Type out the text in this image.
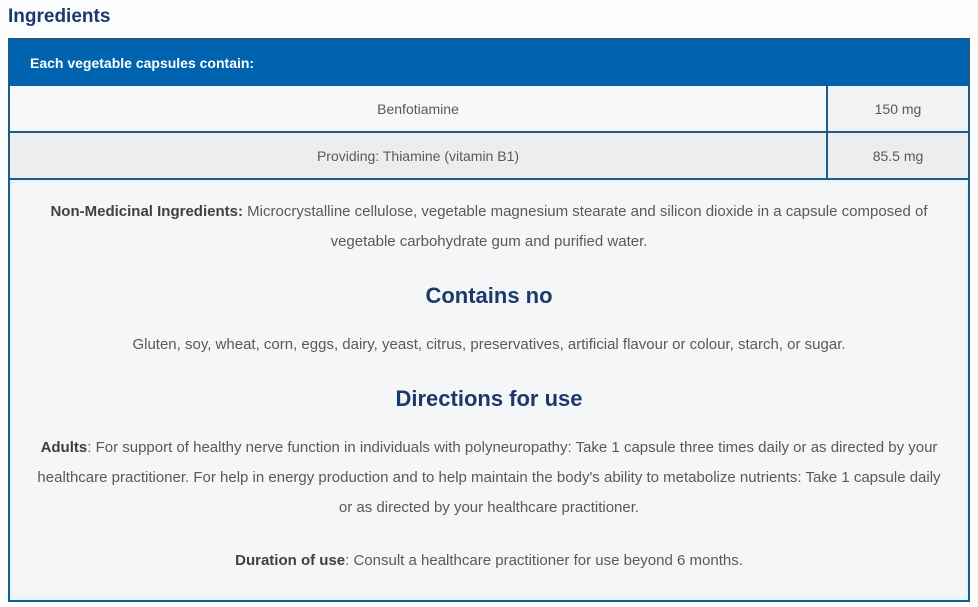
Ingredients
Each vegetable capsules contain:
Benfotiamine	150 mg
Providing: Thiamine (vitamin B1)	85.5 mg

Non-Medicinal Ingredients: Microcrystalline cellulose, vegetable magnesium stearate and silicon dioxide in a capsule composed of vegetable carbohydrate gum and purified water.

Contains no

Gluten, soy, wheat, corn, eggs, dairy, yeast, citrus, preservatives, artificial flavour or colour, starch, or sugar.

Directions for use

Adults: For support of healthy nerve function in individuals with polyneuropathy: Take 1 capsule three times daily or as directed by your healthcare practitioner. For help in energy production and to help maintain the body's ability to metabolize nutrients: Take 1 capsule daily or as directed by your healthcare practitioner.

Duration of use: Consult a healthcare practitioner for use beyond 6 months.
